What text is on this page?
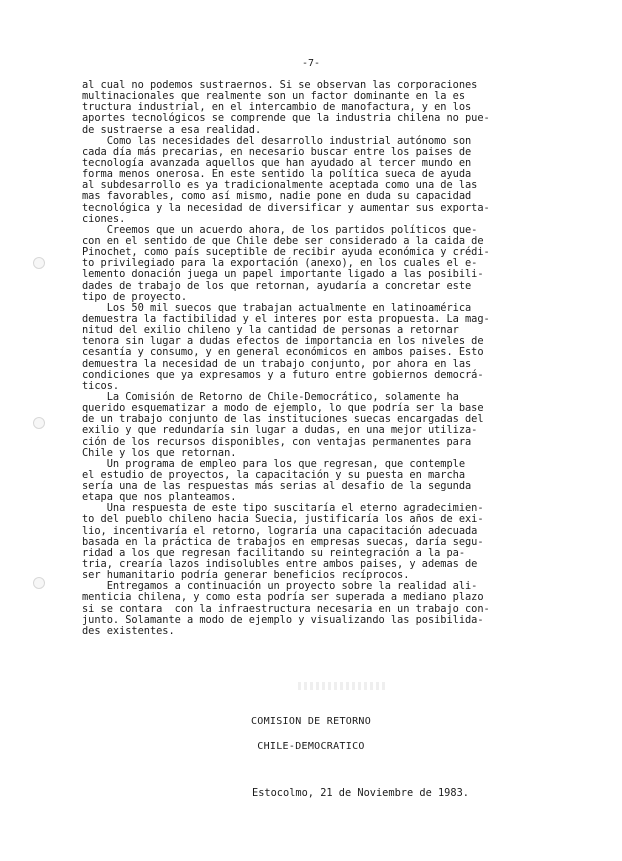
-7-
al cual no podemos sustraernos. Si se observan las corporaciones
multinacionales que realmente son un factor dominante en la es
tructura industrial, en el intercambio de manofactura, y en los
aportes tecnológicos se comprende que la industria chilena no pue-
de sustraerse a esa realidad.
Como las necesidades del desarrollo industrial autónomo son
cada día más precarias, en necesario buscar entre los paises de
tecnología avanzada aquellos que han ayudado al tercer mundo en
forma menos onerosa. En este sentido la política sueca de ayuda
al subdesarrollo es ya tradicionalmente aceptada como una de las
mas favorables, como así mismo, nadie pone en duda su capacidad
tecnológica y la necesidad de diversificar y aumentar sus exporta-
ciones.
Creemos que un acuerdo ahora, de los partidos políticos que-
con en el sentido de que Chile debe ser considerado a la caida de
Pinochet, como país suceptible de recibir ayuda económica y crédi-
to privilegiado para la exportación (anexo), en los cuales el e-
lemento donación juega un papel importante ligado a las posibili-
dades de trabajo de los que retornan, ayudaría a concretar este
tipo de proyecto.
Los 50 mil suecos que trabajan actualmente en latinoamérica
demuestra la factibilidad y el interes por esta propuesta. La mag-
nitud del exilio chileno y la cantidad de personas a retornar
tenora sin lugar a dudas efectos de importancia en los niveles de
cesantía y consumo, y en general económicos en ambos paises. Esto
demuestra la necesidad de un trabajo conjunto, por ahora en las
condiciones que ya expresamos y a futuro entre gobiernos democrá-
ticos.
La Comisión de Retorno de Chile-Democrático, solamente ha
querido esquematizar a modo de ejemplo, lo que podría ser la base
de un trabajo conjunto de las instituciones suecas encargadas del
exilio y que redundaría sin lugar a dudas, en una mejor utiliza-
ción de los recursos disponibles, con ventajas permanentes para
Chile y los que retornan.
Un programa de empleo para los que regresan, que contemple
el estudio de proyectos, la capacitación y su puesta en marcha
sería una de las respuestas más serias al desafio de la segunda
etapa que nos planteamos.
Una respuesta de este tipo suscitaría el eterno agradecimien-
to del pueblo chileno hacia Suecia, justificaría los años de exi-
lio, incentivaría el retorno, lograría una capacitación adecuada
basada en la práctica de trabajos en empresas suecas, daría segu-
ridad a los que regresan facilitando su reintegración a la pa-
tria, crearía lazos indisolubles entre ambos paises, y ademas de
ser humanitario podría generar beneficios recíprocos.
Entregamos a continuación un proyecto sobre la realidad ali-
menticia chilena, y como esta podría ser superada a mediano plazo
si se contara  con la infraestructura necesaria en un trabajo con-
junto. Solamante a modo de ejemplo y visualizando las posibilida-
des existentes.
COMISION DE RETORNO
CHILE-DEMOCRATICO
Estocolmo, 21 de Noviembre de 1983.
